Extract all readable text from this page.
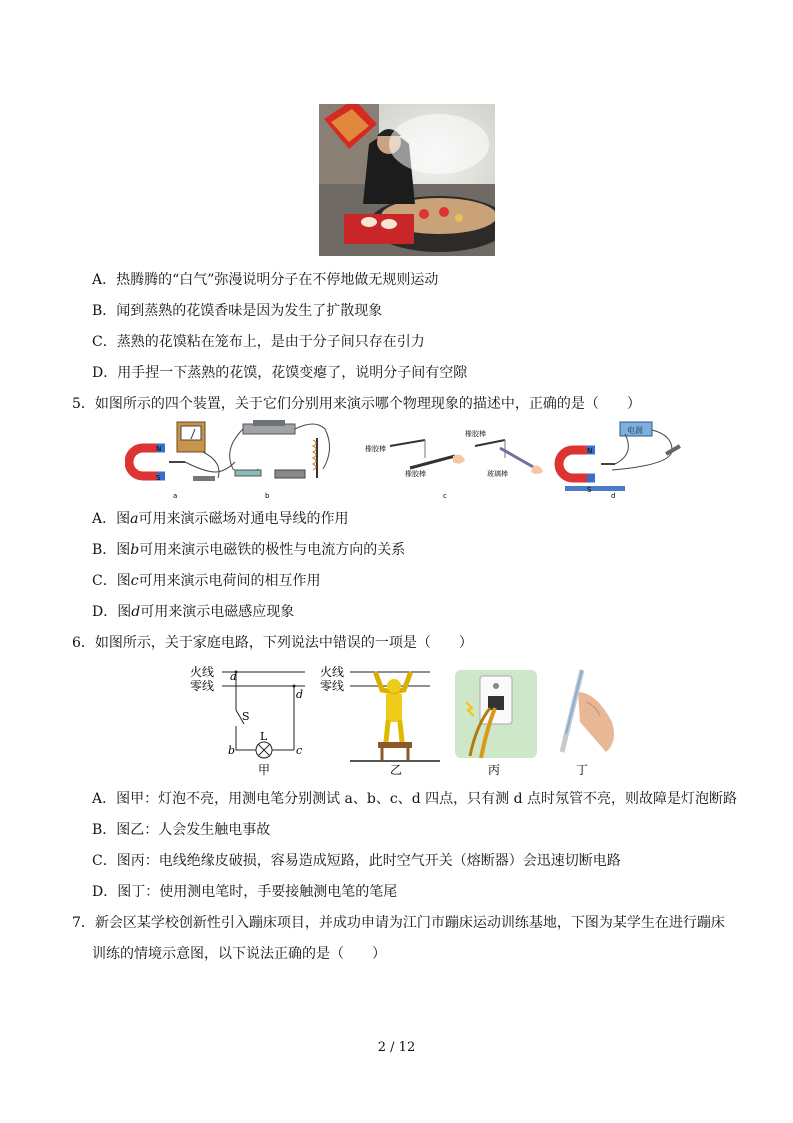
A．热腾腾的“白气”弥漫说明分子在不停地做无规则运动
B．闻到蒸熟的花馍香味是因为发生了扩散现象
C．蒸熟的花馍粘在笼布上，是由于分子间只存在引力
D．用手捏一下蒸熟的花馍，花馍变瘪了，说明分子间有空隙
5．如图所示的四个装置，关于它们分别用来演示哪个物理现象的描述中，正确的是（　　）
N
S
a	b
橡胶棒
橡胶棒
橡胶棒
玻璃棒
c
电源
N
S
d
A．图a可用来演示磁场对通电导线的作用
B．图b可用来演示电磁铁的极性与电流方向的关系
C．图c可用来演示电荷间的相互作用
D．图d可用来演示电磁感应现象
6．如图所示，关于家庭电路，下列说法中错误的一项是（　　）
火线
零线
a
d
S
L
b	c
甲
火线
零线
乙	丙	丁
A．图甲：灯泡不亮，用测电笔分别测试 a、b、c、d 四点，只有测 d 点时氖管不亮，则故障是灯泡断路
B．图乙：人会发生触电事故
C．图丙：电线绝缘皮破损，容易造成短路，此时空气开关（熔断器）会迅速切断电路
D．图丁：使用测电笔时，手要接触测电笔的笔尾
7．新会区某学校创新性引入蹦床项目，并成功申请为江门市蹦床运动训练基地，下图为某学生在进行蹦床
训练的情境示意图，以下说法正确的是（　　）
2 / 12
